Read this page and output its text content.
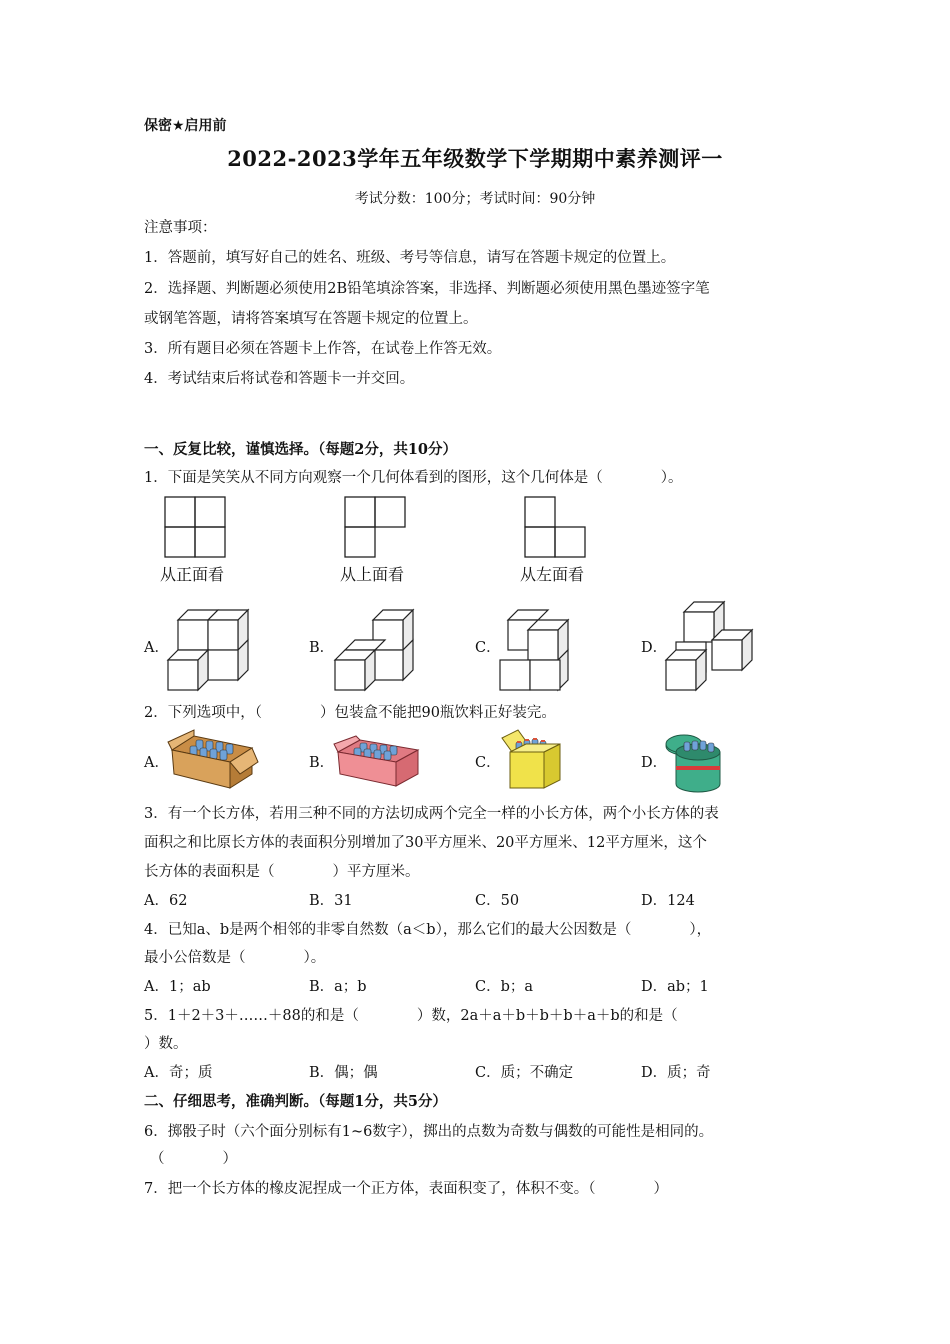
保密★启用前
2022-2023学年五年级数学下学期期中素养测评一
考试分数：100分；考试时间：90分钟
注意事项：
1．答题前，填写好自己的姓名、班级、考号等信息，请写在答题卡规定的位置上。
2．选择题、判断题必须使用2B铅笔填涂答案，非选择、判断题必须使用黑色墨迹签字笔
或钢笔答题，请将答案填写在答题卡规定的位置上。
3．所有题目必须在答题卡上作答，在试卷上作答无效。
4．考试结束后将试卷和答题卡一并交回。
一、反复比较，谨慎选择。（每题2分，共10分）
1．下面是笑笑从不同方向观察一个几何体看到的图形，这个几何体是（　　　　）。
从正面看	从上面看	从左面看
A．	B．	C．	D．
2．下列选项中，（　　　　）包装盒不能把90瓶饮料正好装完。
A．	B．	C．	D．
3．有一个长方体，若用三种不同的方法切成两个完全一样的小长方体，两个小长方体的表
面积之和比原长方体的表面积分别增加了30平方厘米、20平方厘米、12平方厘米，这个
长方体的表面积是（　　　　）平方厘米。
A．62	B．31	C．50	D．124
4．已知a、b是两个相邻的非零自然数（a＜b），那么它们的最大公因数是（　　　　），
最小公倍数是（　　　　）。
A．1；ab	B．a；b	C．b；a	D．ab；1
5．1＋2＋3＋……＋88的和是（　　　　）数，2a＋a＋b＋b＋b＋a＋b的和是（
）数。
A．奇；质	B．偶；偶	C．质；不确定	D．质；奇
二、仔细思考，准确判断。（每题1分，共5分）
6．掷骰子时（六个面分别标有1~6数字），掷出的点数为奇数与偶数的可能性是相同的。
（　　　　）
7．把一个长方体的橡皮泥捏成一个正方体，表面积变了，体积不变。（　　　　）
